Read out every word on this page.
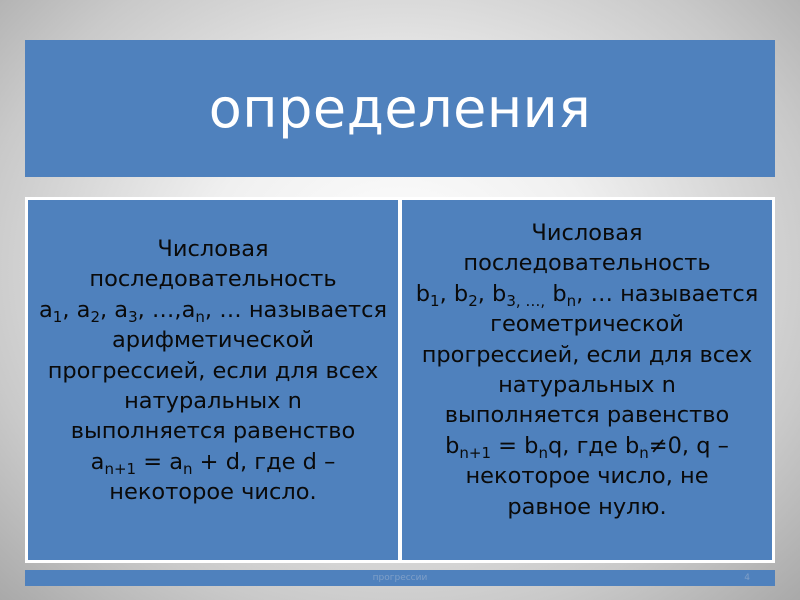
определения
Числовая
последовательность
$a_1$, $a_2$, $a_3$, $\dots,a_n$, … называется
арифметической
прогрессией, если для всех
натуральных n
выполняется равенство
$a_{n+1} = a_n + d$, где d –
некоторое число.
Числовая
последовательность
$b_1$, $b_2$, $b_{3, \dots,}$ $b_n$, … называется
геометрической
прогрессией, если для всех
натуральных n
выполняется равенство
$b_{n+1} = b_nq$, где $b_n\ne 0$, q –
некоторое число, не
равное нулю.
прогрессии	4
